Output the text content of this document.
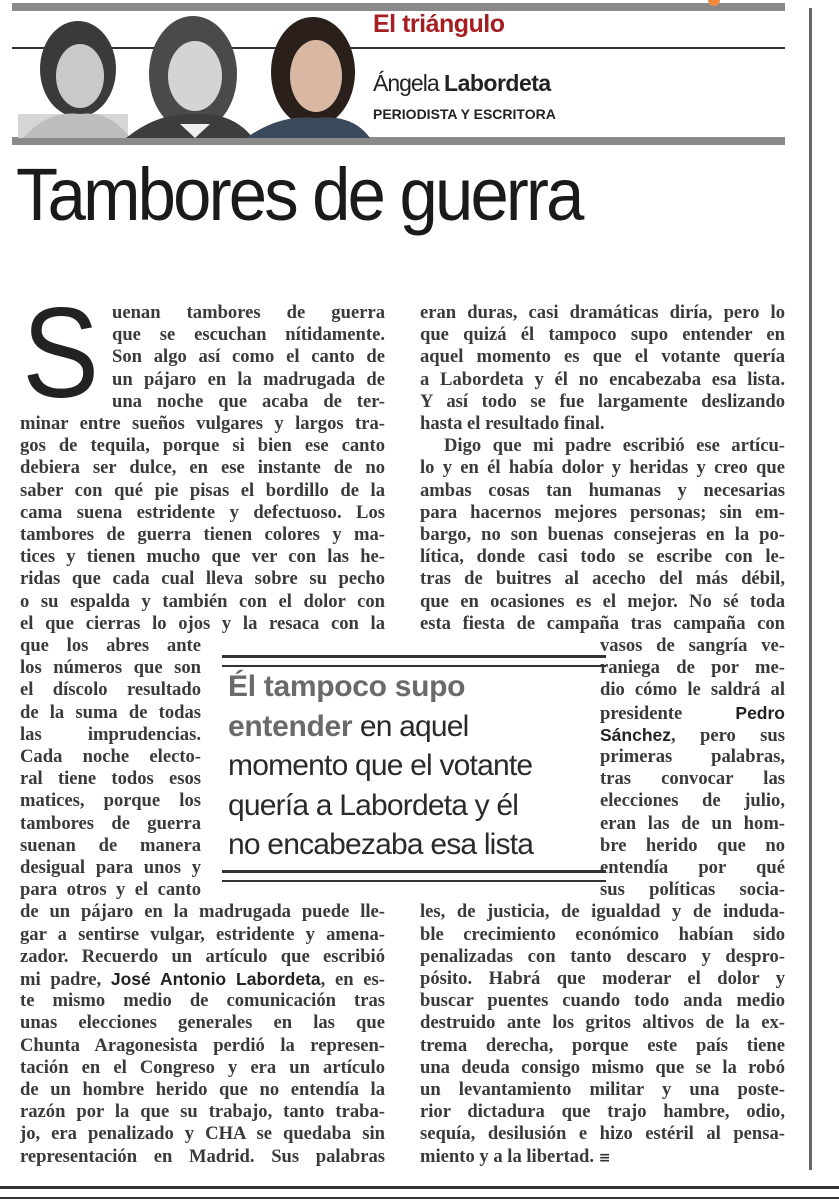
El triángulo
Ángela Labordeta
PERIODISTA Y ESCRITORA
Tambores de guerra
S uenan tambores de guerra
que se escuchan nítidamente.
Son algo así como el canto de
un pájaro en la madrugada de
una noche que acaba de ter-
minar entre sueños vulgares y largos tra-
gos de tequila, porque si bien ese canto
debiera ser dulce, en ese instante de no
saber con qué pie pisas el bordillo de la
cama suena estridente y defectuoso. Los
tambores de guerra tienen colores y ma-
tices y tienen mucho que ver con las he-
ridas que cada cual lleva sobre su pecho
o su espalda y también con el dolor con
el que cierras lo ojos y la resaca con la
que los abres ante
los números que son
el díscolo resultado
de la suma de todas
las imprudencias.
Cada noche electo-
ral tiene todos esos
matices, porque los
tambores de guerra
suenan de manera
desigual para unos y
para otros y el canto
de un pájaro en la madrugada puede lle-
gar a sentirse vulgar, estridente y amena-
zador. Recuerdo un artículo que escribió
mi padre, José Antonio Labordeta, en es-
te mismo medio de comunicación tras
unas elecciones generales en las que
Chunta Aragonesista perdió la represen-
tación en el Congreso y era un artículo
de un hombre herido que no entendía la
razón por la que su trabajo, tanto traba-
jo, era penalizado y CHA se quedaba sin
representación en Madrid. Sus palabras
eran duras, casi dramáticas diría, pero lo
que quizá él tampoco supo entender en
aquel momento es que el votante quería
a Labordeta y él no encabezaba esa lista.
Y así todo se fue largamente deslizando
hasta el resultado final.
Digo que mi padre escribió ese artícu-
lo y en él había dolor y heridas y creo que
ambas cosas tan humanas y necesarias
para hacernos mejores personas; sin em-
bargo, no son buenas consejeras en la po-
lítica, donde casi todo se escribe con le-
tras de buitres al acecho del más débil,
que en ocasiones es el mejor. No sé toda
esta fiesta de campaña tras campaña con
vasos de sangría ve-
raniega de por me-
dio cómo le saldrá al
presidente Pedro
Sánchez, pero sus
primeras palabras,
tras convocar las
elecciones de julio,
eran las de un hom-
bre herido que no
entendía por qué
sus políticas socia-
les, de justicia, de igualdad y de induda-
ble crecimiento económico habían sido
penalizadas con tanto descaro y despro-
pósito. Habrá que moderar el dolor y
buscar puentes cuando todo anda medio
destruido ante los gritos altivos de la ex-
trema derecha, porque este país tiene
una deuda consigo mismo que se la robó
un levantamiento militar y una poste-
rior dictadura que trajo hambre, odio,
sequía, desilusión e hizo estéril al pensa-
miento y a la libertad. ≡
Él tampoco supo
entender en aquel
momento que el votante
quería a Labordeta y él
no encabezaba esa lista
